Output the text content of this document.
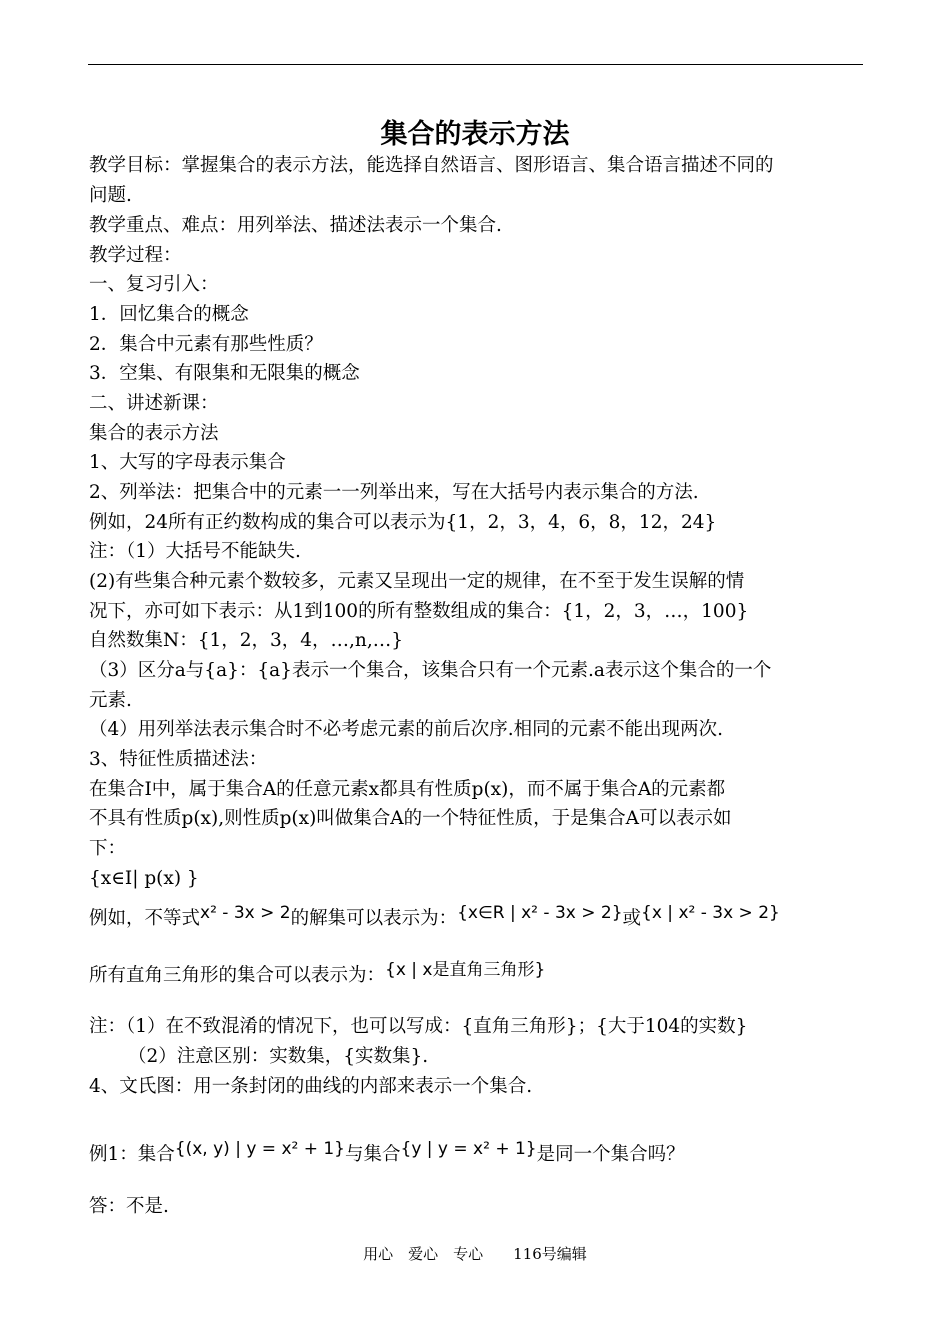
集合的表示方法
教学目标：掌握集合的表示方法，能选择自然语言、图形语言、集合语言描述不同的
问题.
教学重点、难点：用列举法、描述法表示一个集合.
教学过程：
一、复习引入：
1．回忆集合的概念
2．集合中元素有那些性质？
3．空集、有限集和无限集的概念
二、讲述新课：
集合的表示方法
1、大写的字母表示集合
2、列举法：把集合中的元素一一列举出来，写在大括号内表示集合的方法.
例如，24所有正约数构成的集合可以表示为{1，2，3，4，6，8，12，24}
注：（1）大括号不能缺失.
(2)有些集合种元素个数较多，元素又呈现出一定的规律，在不至于发生误解的情
况下，亦可如下表示：从1到100的所有整数组成的集合：{1，2，3，…，100}
自然数集N：{1，2，3，4，…,n,…}
（3）区分a与{a}：{a}表示一个集合，该集合只有一个元素.a表示这个集合的一个
元素.
（4）用列举法表示集合时不必考虑元素的前后次序.相同的元素不能出现两次.
3、特征性质描述法：
在集合I中，属于集合A的任意元素x都具有性质p(x)，而不属于集合A的元素都
不具有性质p(x),则性质p(x)叫做集合A的一个特征性质，于是集合A可以表示如
下：
{x∈I| p(x) }
例如，不等式x² - 3x > 2的解集可以表示为：{x∈R | x² - 3x > 2}或{x | x² - 3x > 2}
所有直角三角形的集合可以表示为：{x | x是直角三角形}
注：（1）在不致混淆的情况下，也可以写成：{直角三角形}；{大于104的实数}
（2）注意区别：实数集，{实数集}.
4、文氏图：用一条封闭的曲线的内部来表示一个集合.
例1：集合{(x, y) | y = x² + 1}与集合{y | y = x² + 1}是同一个集合吗？
答：不是.
用心　爱心　专心　　116号编辑
